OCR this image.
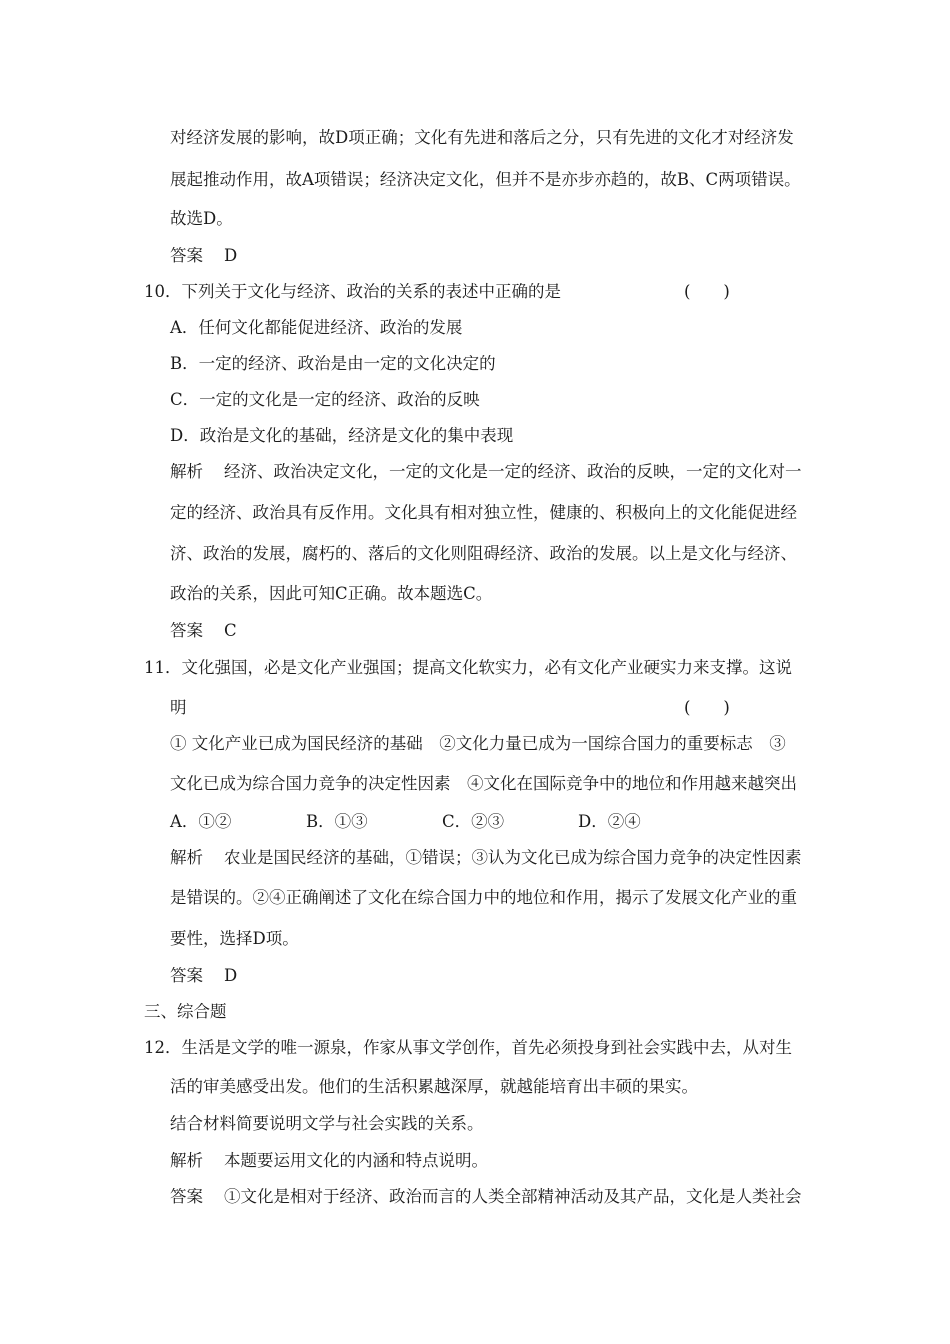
对经济发展的影响，故D项正确；文化有先进和落后之分，只有先进的文化才对经济发
展起推动作用，故A项错误；经济决定文化，但并不是亦步亦趋的，故B、C两项错误。
故选D。
答案 D
10．下列关于文化与经济、政治的关系的表述中正确的是	(　　)
A．任何文化都能促进经济、政治的发展
B．一定的经济、政治是由一定的文化决定的
C．一定的文化是一定的经济、政治的反映
D．政治是文化的基础，经济是文化的集中表现
解析 经济、政治决定文化，一定的文化是一定的经济、政治的反映，一定的文化对一
定的经济、政治具有反作用。文化具有相对独立性，健康的、积极向上的文化能促进经
济、政治的发展，腐朽的、落后的文化则阻碍经济、政治的发展。以上是文化与经济、
政治的关系，因此可知C正确。故本题选C。
答案 C
11．文化强国，必是文化产业强国；提高文化软实力，必有文化产业硬实力来支撑。这说
明	(　　)
① 文化产业已成为国民经济的基础　②文化力量已成为一国综合国力的重要标志　③
文化已成为综合国力竞争的决定性因素　④文化在国际竞争中的地位和作用越来越突出
A．①②	B．①③	C．②③	D．②④
解析 农业是国民经济的基础，①错误；③认为文化已成为综合国力竞争的决定性因素
是错误的。②④正确阐述了文化在综合国力中的地位和作用，揭示了发展文化产业的重
要性，选择D项。
答案 D
三、综合题
12．生活是文学的唯一源泉，作家从事文学创作，首先必须投身到社会实践中去，从对生
活的审美感受出发。他们的生活积累越深厚，就越能培育出丰硕的果实。
结合材料简要说明文学与社会实践的关系。
解析 本题要运用文化的内涵和特点说明。
答案 ①文化是相对于经济、政治而言的人类全部精神活动及其产品，文化是人类社会
